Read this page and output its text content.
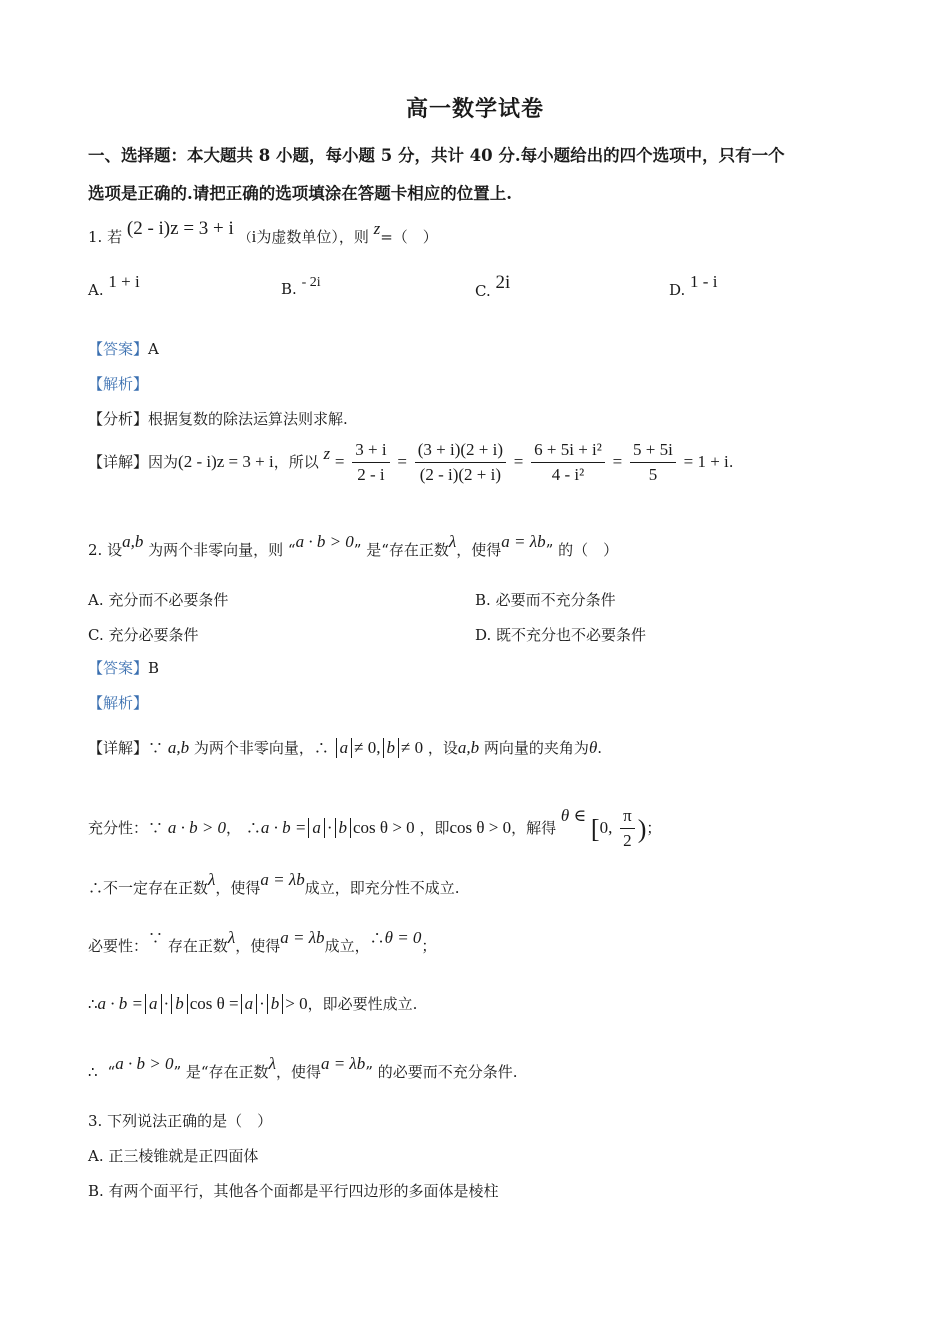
高一数学试卷
一、选择题：本大题共 8 小题，每小题 5 分，共计 40 分.每小题给出的四个选项中，只有一个
选项是正确的.请把正确的选项填涂在答题卡相应的位置上.
1. 若 (2 - i)z = 3 + i （i为虚数单位），则 z=（　）
A. 1 + i	B. - 2i	C. 2i	D. 1 - i
【答案】A
【解析】
【分析】根据复数的除法运算法则求解.
【详解】因为(2 - i)z = 3 + i，所以 $z = \frac{3 + i}{2 - i} = \frac{(3 + i)(2 + i)}{(2 - i)(2 + i)} = \frac{\text{6 + 5i + i²}}{\text{4 - i²}} = \frac{5 + 5i}{5} = 1 + i$.
2. 设a,b 为两个非零向量，则 “a · b > 0” 是“存在正数λ，使得a = λb” 的（　）
A. 充分而不必要条件	B. 必要而不充分条件
C. 充分必要条件	D. 既不充分也不必要条件
【答案】B
【解析】
【详解】∵ a,b 为两个非零向量，∴ a ≠ 0, b ≠ 0 ，设a,b 两向量的夹角为θ.
充分性：∵ a · b > 0， ∴a · b = a · b cos θ > 0 ，即cos θ > 0，解得 θ ∈ [0, $\frac{\pi}{2}$ )；
∴不一定存在正数λ，使得a = λb成立，即充分性不成立.
必要性：∵ 存在正数λ，使得a = λb成立，∴θ = 0；
∴a · b = a · b cos θ = a · b > 0，即必要性成立.
∴ “a · b > 0” 是“存在正数λ，使得a = λb” 的必要而不充分条件.
3. 下列说法正确的是（　）
A. 正三棱锥就是正四面体
B. 有两个面平行，其他各个面都是平行四边形的多面体是棱柱
